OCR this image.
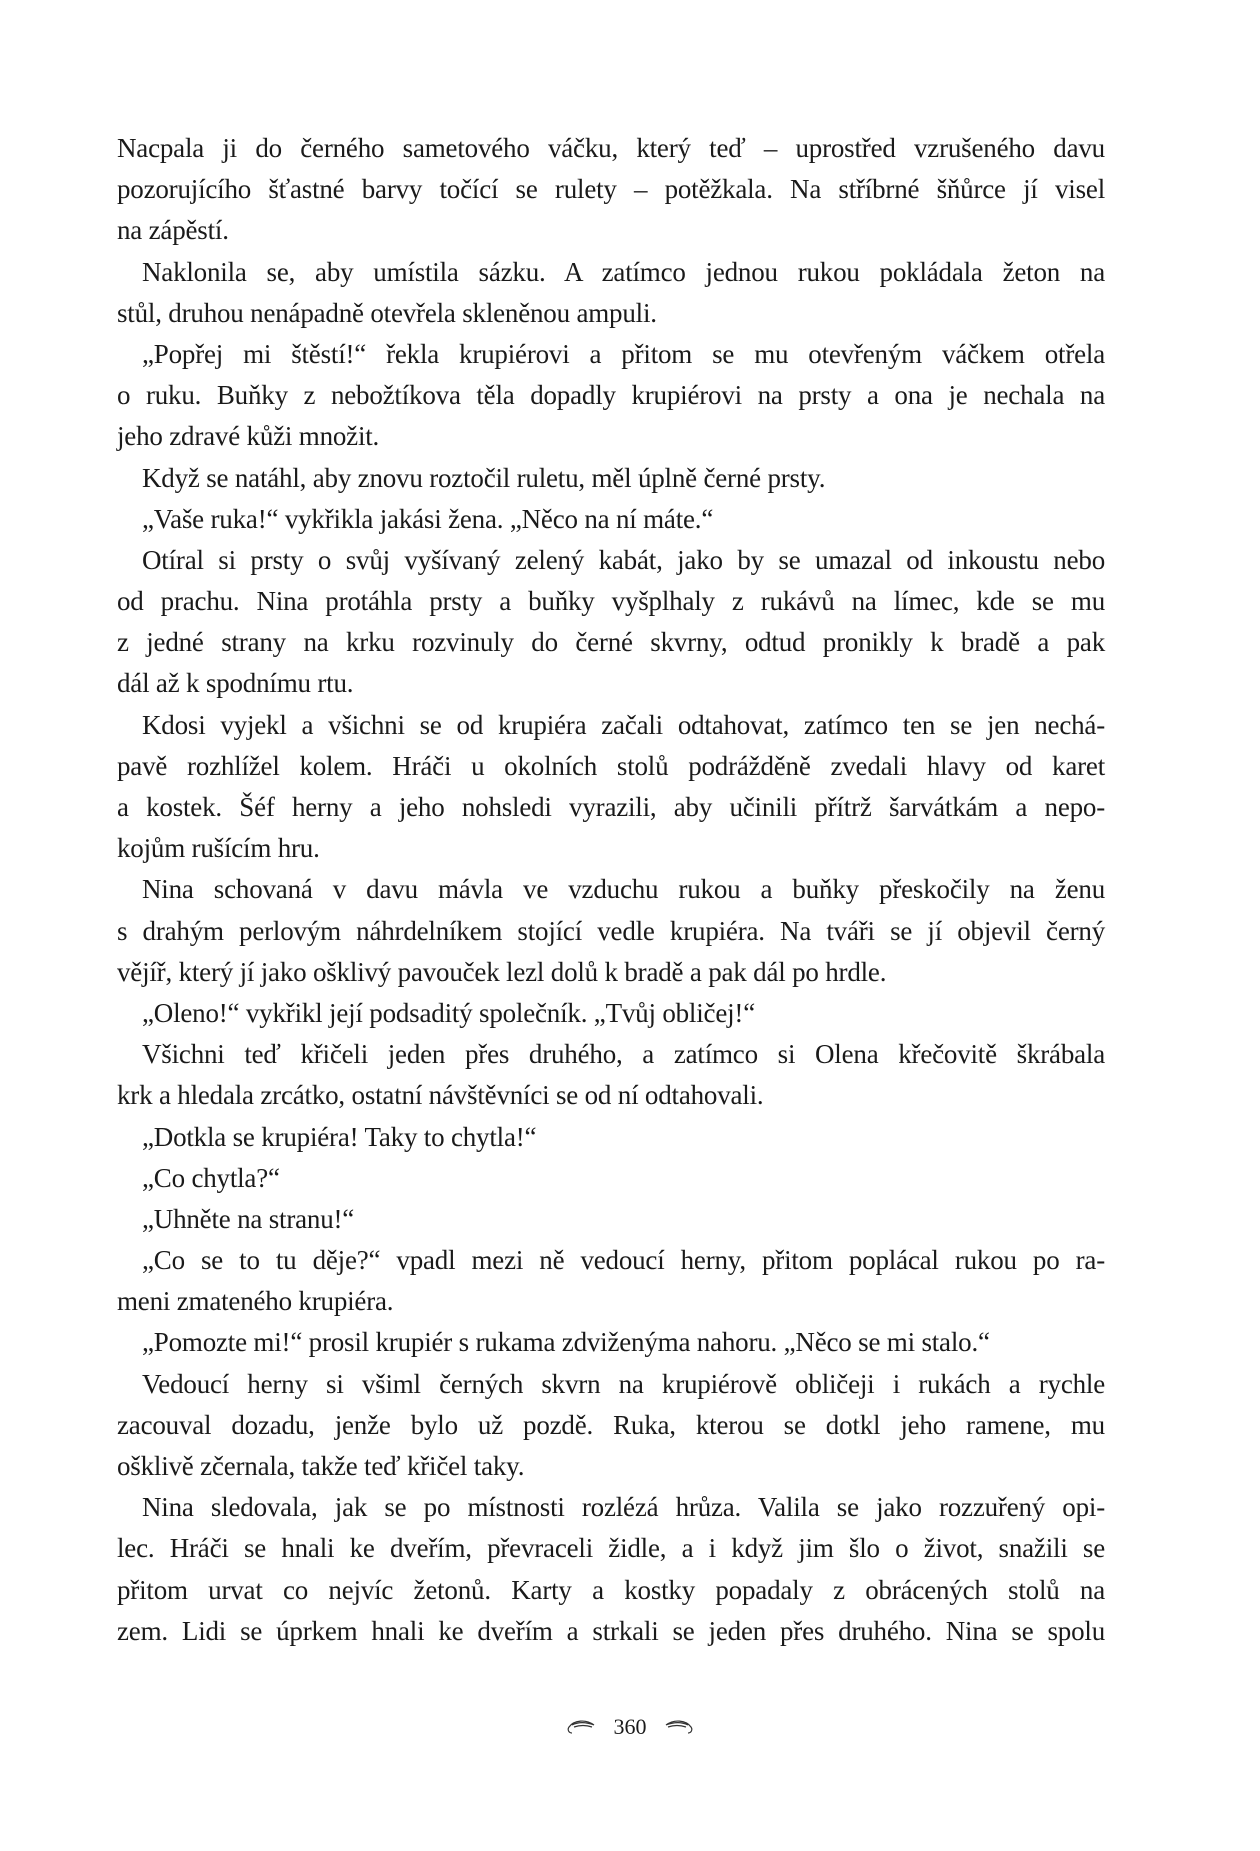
Nacpala ji do černého sametového váčku, který teď – uprostřed vzrušeného davu
pozorujícího šťastné barvy točící se rulety – potěžkala. Na stříbrné šňůrce jí visel
na zápěstí.
Naklonila se, aby umístila sázku. A zatímco jednou rukou pokládala žeton na
stůl, druhou nenápadně otevřela skleněnou ampuli.
„Popřej mi štěstí!“ řekla krupiérovi a přitom se mu otevřeným váčkem otřela
o ruku. Buňky z nebožtíkova těla dopadly krupiérovi na prsty a ona je nechala na
jeho zdravé kůži množit.
Když se natáhl, aby znovu roztočil ruletu, měl úplně černé prsty.
„Vaše ruka!“ vykřikla jakási žena. „Něco na ní máte.“
Otíral si prsty o svůj vyšívaný zelený kabát, jako by se umazal od inkoustu nebo
od prachu. Nina protáhla prsty a buňky vyšplhaly z rukávů na límec, kde se mu
z jedné strany na krku rozvinuly do černé skvrny, odtud pronikly k bradě a pak
dál až k spodnímu rtu.
Kdosi vyjekl a všichni se od krupiéra začali odtahovat, zatímco ten se jen nechá-
pavě rozhlížel kolem. Hráči u okolních stolů podrážděně zvedali hlavy od karet
a kostek. Šéf herny a jeho nohsledi vyrazili, aby učinili přítrž šarvátkám a nepo-
kojům rušícím hru.
Nina schovaná v davu mávla ve vzduchu rukou a buňky přeskočily na ženu
s drahým perlovým náhrdelníkem stojící vedle krupiéra. Na tváři se jí objevil černý
vějíř, který jí jako ošklivý pavouček lezl dolů k bradě a pak dál po hrdle.
„Oleno!“ vykřikl její podsaditý společník. „Tvůj obličej!“
Všichni teď křičeli jeden přes druhého, a zatímco si Olena křečovitě škrábala
krk a hledala zrcátko, ostatní návštěvníci se od ní odtahovali.
„Dotkla se krupiéra! Taky to chytla!“
„Co chytla?“
„Uhněte na stranu!“
„Co se to tu děje?“ vpadl mezi ně vedoucí herny, přitom poplácal rukou po ra-
meni zmateného krupiéra.
„Pomozte mi!“ prosil krupiér s rukama zdviženýma nahoru. „Něco se mi stalo.“
Vedoucí herny si všiml černých skvrn na krupiérově obličeji i rukách a rychle
zacouval dozadu, jenže bylo už pozdě. Ruka, kterou se dotkl jeho ramene, mu
ošklivě zčernala, takže teď křičel taky.
Nina sledovala, jak se po místnosti rozlézá hrůza. Valila se jako rozzuřený opi-
lec. Hráči se hnali ke dveřím, převraceli židle, a i když jim šlo o život, snažili se
přitom urvat co nejvíc žetonů. Karty a kostky popadaly z obrácených stolů na
zem. Lidi se úprkem hnali ke dveřím a strkali se jeden přes druhého. Nina se spolu
360
